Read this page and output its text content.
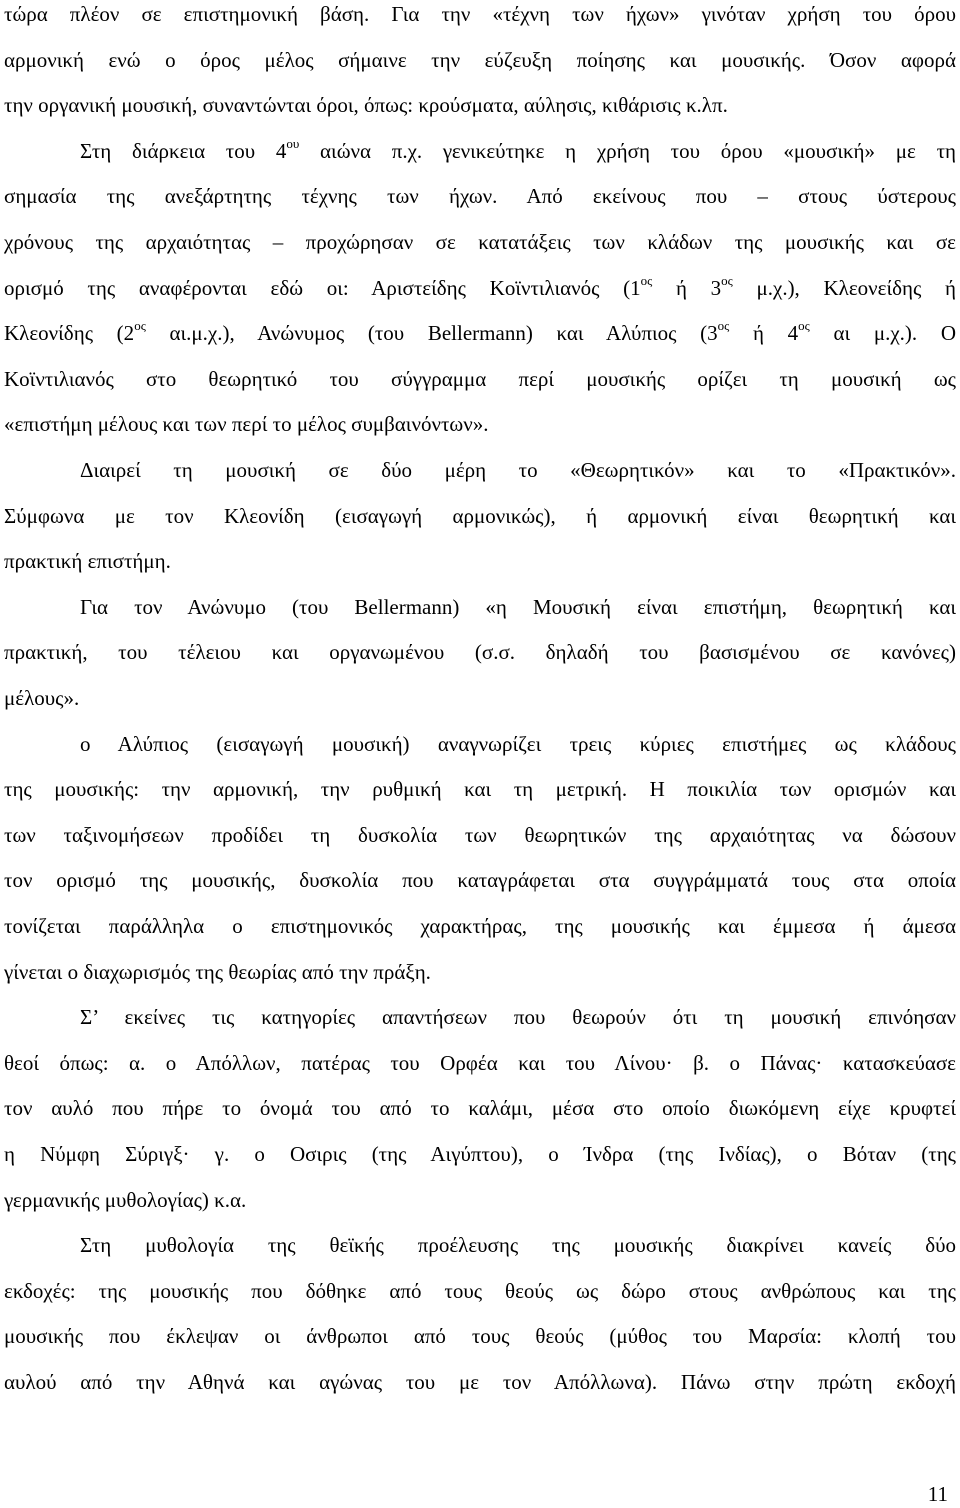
τώρα πλέον σε επιστημονική βάση. Για την «τέχνη των ήχων» γινόταν χρήση του όρου
αρμονική ενώ ο όρος μέλος σήμαινε την εύζευξη ποίησης και μουσικής. Όσον αφορά
την οργανική μουσική, συναντώνται όροι, όπως: κρούσματα, αύλησις, κιθάρισις κ.λπ.
Στη διάρκεια του $4^{o\upsilon}$ αιώνα π.χ. γενικεύτηκε η χρήση του όρου «μουσική» με τη
σημασία της ανεξάρτητης τέχνης των ήχων. Από εκείνους που – στους ύστερους
χρόνους της αρχαιότητας – προχώρησαν σε κατατάξεις των κλάδων της μουσικής και σε
ορισμό της αναφέρονται εδώ οι: Αριστείδης Κοϊντιλιανός ($1^{o\varsigma}$ ή $3^{o\varsigma}$ μ.χ.), Κλεονείδης ή
Κλεονίδης ($2^{o\varsigma}$ αι.μ.χ.), Ανώνυμος (του Bellermann) και Αλύπιος ($3^{o\varsigma}$ ή $4^{o\varsigma}$ αι μ.χ.). Ο
Κοϊντιλιανός στο θεωρητικό του σύγγραμμα περί μουσικής ορίζει τη μουσική ως
«επιστήμη μέλους και των περί το μέλος συμβαινόντων».
Διαιρεί τη μουσική σε δύο μέρη το «Θεωρητικόν» και το «Πρακτικόν».
Σύμφωνα με τον Κλεονίδη (εισαγωγή αρμονικώς), ή αρμονική είναι θεωρητική και
πρακτική επιστήμη.
Για τον Ανώνυμο (του Bellermann) «η Μουσική είναι επιστήμη, θεωρητική και
πρακτική, του τέλειου και οργανωμένου (σ.σ. δηλαδή του βασισμένου σε κανόνες)
μέλους».
ο Αλύπιος (εισαγωγή μουσική) αναγνωρίζει τρεις κύριες επιστήμες ως κλάδους
της μουσικής: την αρμονική, την ρυθμική και τη μετρική. Η ποικιλία των ορισμών και
των ταξινομήσεων προδίδει τη δυσκολία των θεωρητικών της αρχαιότητας να δώσουν
τον ορισμό της μουσικής, δυσκολία που καταγράφεται στα συγγράμματά τους στα οποία
τονίζεται παράλληλα ο επιστημονικός χαρακτήρας, της μουσικής και έμμεσα ή άμεσα
γίνεται ο διαχωρισμός της θεωρίας από την πράξη.
Σ’ εκείνες τις κατηγορίες απαντήσεων που θεωρούν ότι τη μουσική επινόησαν
θεοί όπως: α. ο Απόλλων, πατέρας του Ορφέα και του Λίνου· β. ο Πάνας· κατασκεύασε
τον αυλό που πήρε το όνομά του από το καλάμι, μέσα στο οποίο διωκόμενη είχε κρυφτεί
η Νύμφη Σύριγξ· γ. ο Οσιρις (της Αιγύπτου), ο Ίνδρα (της Ινδίας), ο Βόταν (της
γερμανικής μυθολογίας) κ.α.
Στη μυθολογία της θεϊκής προέλευσης της μουσικής διακρίνει κανείς δύο
εκδοχές: της μουσικής που δόθηκε από τους θεούς ως δώρο στους ανθρώπους και της
μουσικής που έκλεψαν οι άνθρωποι από τους θεούς (μύθος του Μαρσία: κλοπή του
αυλού από την Αθηνά και αγώνας του με τον Απόλλωνα). Πάνω στην πρώτη εκδοχή
11
